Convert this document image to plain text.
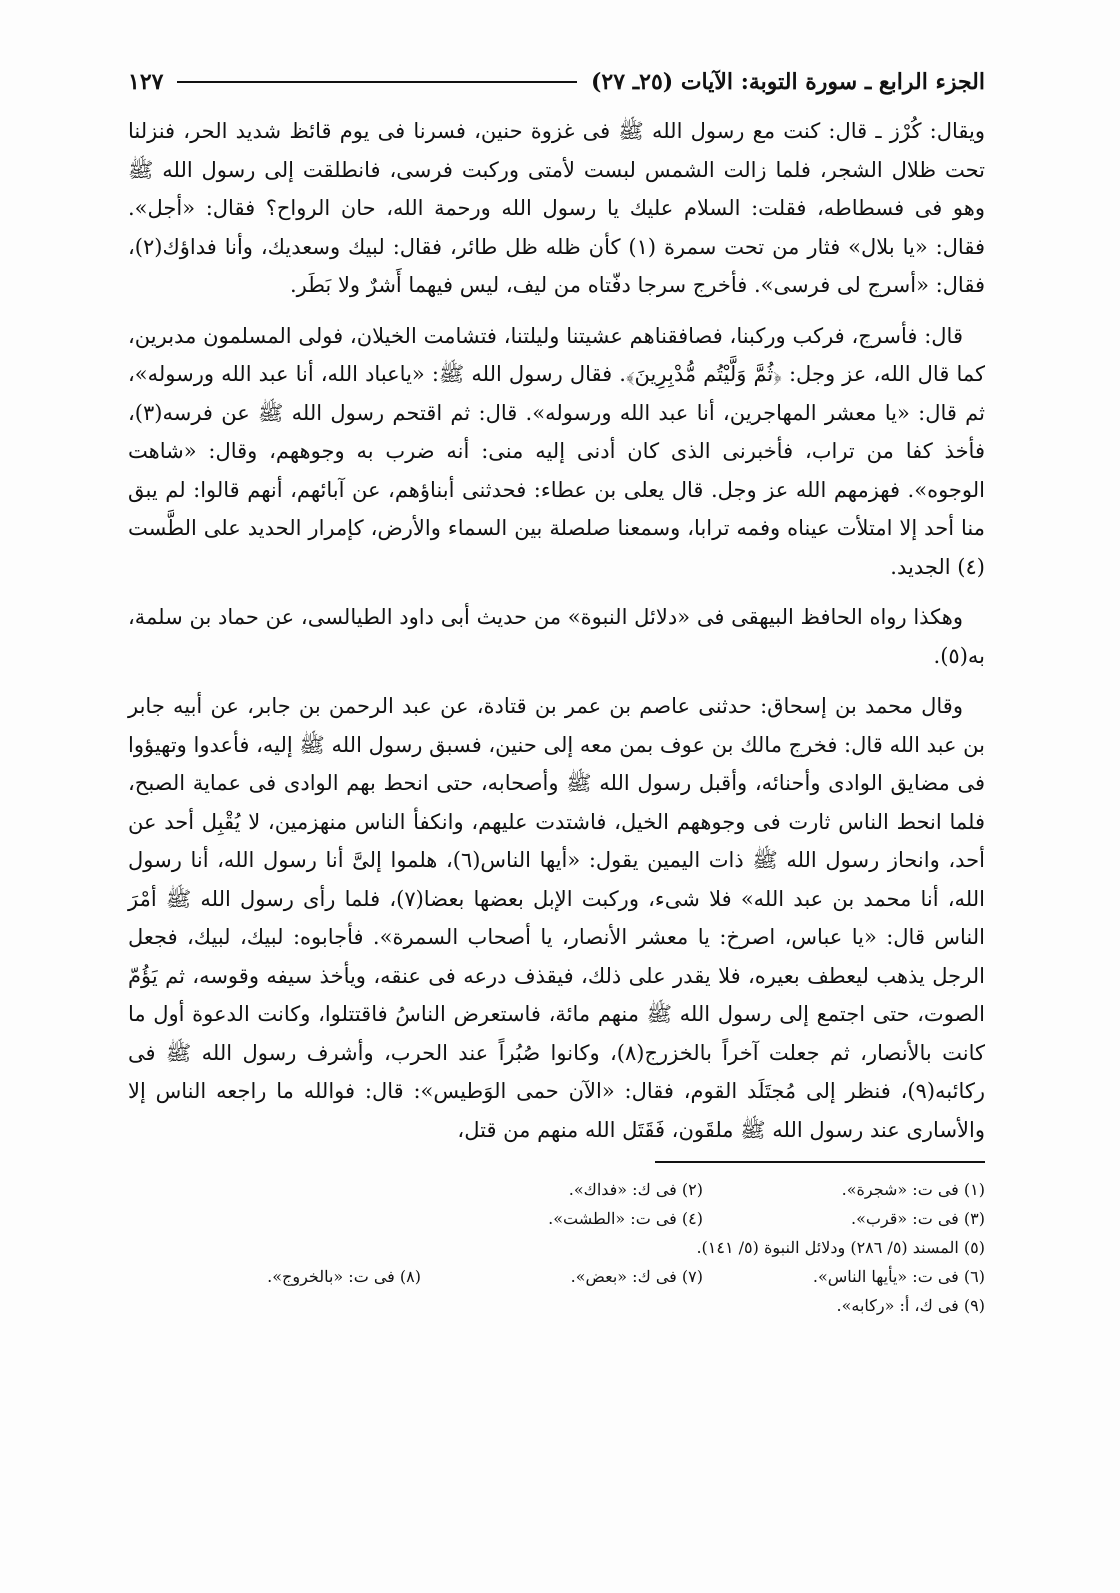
الجزء الرابع ـ سورة التوبة: الآيات (٢٥ـ ٢٧)
١٢٧

ويقال: كُرْز ـ قال: كنت مع رسول الله ﷺ فى غزوة حنين، فسرنا فى يوم قائظ شديد الحر، فنزلنا تحت ظلال الشجر، فلما زالت الشمس لبست لأمتى وركبت فرسى، فانطلقت إلى رسول الله ﷺ وهو فى فسطاطه، فقلت: السلام عليك يا رسول الله ورحمة الله، حان الرواح؟ فقال: «أجل». فقال: «يا بلال» فثار من تحت سمرة (١) كأن ظله ظل طائر، فقال: لبيك وسعديك، وأنا فداؤك(٢)، فقال: «أسرج لى فرسى». فأخرج سرجا دفّتاه من ليف، ليس فيهما أَشرٌ ولا بَطَر.

قال: فأسرج، فركب وركبنا، فصافقناهم عشيتنا وليلتنا، فتشامت الخيلان، فولى المسلمون مدبرين، كما قال الله، عز وجل: ﴿ثُمَّ وَلَّيْتُم مُّدْبِرِينَ﴾. فقال رسول الله ﷺ: «ياعباد الله، أنا عبد الله ورسوله»، ثم قال: «يا معشر المهاجرين، أنا عبد الله ورسوله». قال: ثم اقتحم رسول الله ﷺ عن فرسه(٣)، فأخذ كفا من تراب، فأخبرنى الذى كان أدنى إليه منى: أنه ضرب به وجوههم، وقال: «شاهت الوجوه». فهزمهم الله عز وجل. قال يعلى بن عطاء: فحدثنى أبناؤهم، عن آبائهم، أنهم قالوا: لم يبق منا أحد إلا امتلأت عيناه وفمه ترابا، وسمعنا صلصلة بين السماء والأرض، كإمرار الحديد على الطَّست (٤) الجديد.

وهكذا رواه الحافظ البيهقى فى «دلائل النبوة» من حديث أبى داود الطيالسى، عن حماد بن سلمة، به(٥).

وقال محمد بن إسحاق: حدثنى عاصم بن عمر بن قتادة، عن عبد الرحمن بن جابر، عن أبيه جابر بن عبد الله قال: فخرج مالك بن عوف بمن معه إلى حنين، فسبق رسول الله ﷺ إليه، فأعدوا وتهيؤوا فى مضايق الوادى وأحنائه، وأقبل رسول الله ﷺ وأصحابه، حتى انحط بهم الوادى فى عماية الصبح، فلما انحط الناس ثارت فى وجوههم الخيل، فاشتدت عليهم، وانكفأ الناس منهزمين، لا يُقْبِل أحد عن أحد، وانحاز رسول الله ﷺ ذات اليمين يقول: «أيها الناس(٦)، هلموا إلىَّ أنا رسول الله، أنا رسول الله، أنا محمد بن عبد الله» فلا شىء، وركبت الإبل بعضها بعضا(٧)، فلما رأى رسول الله ﷺ أمْرَ الناس قال: «يا عباس، اصرخ: يا معشر الأنصار، يا أصحاب السمرة». فأجابوه: لبيك، لبيك، فجعل الرجل يذهب ليعطف بعيره، فلا يقدر على ذلك، فيقذف درعه فى عنقه، ويأخذ سيفه وقوسه، ثم يَؤُمّ الصوت، حتى اجتمع إلى رسول الله ﷺ منهم مائة، فاستعرض الناسُ فاقتتلوا، وكانت الدعوة أول ما كانت بالأنصار، ثم جعلت آخراً بالخزرج(٨)، وكانوا صُبُراً عند الحرب، وأشرف رسول الله ﷺ فى ركائبه(٩)، فنظر إلى مُجتَلَد القوم، فقال: «الآن حمى الوَطيس»: قال: فوالله ما راجعه الناس إلا والأسارى عند رسول الله ﷺ ملقَون، فَقَتَل الله منهم من قتل،

(١) فى ت: «شجرة».
(٢) فى ك: «فداك».
(٣) فى ت: «قرب».
(٤) فى ت: «الطشت».
(٥) المسند (٥/ ٢٨٦) ودلائل النبوة (٥/ ١٤١).
(٦) فى ت: «يأيها الناس».
(٧) فى ك: «بعض».
(٨) فى ت: «بالخروج».
(٩) فى ك، أ: «ركابه».
